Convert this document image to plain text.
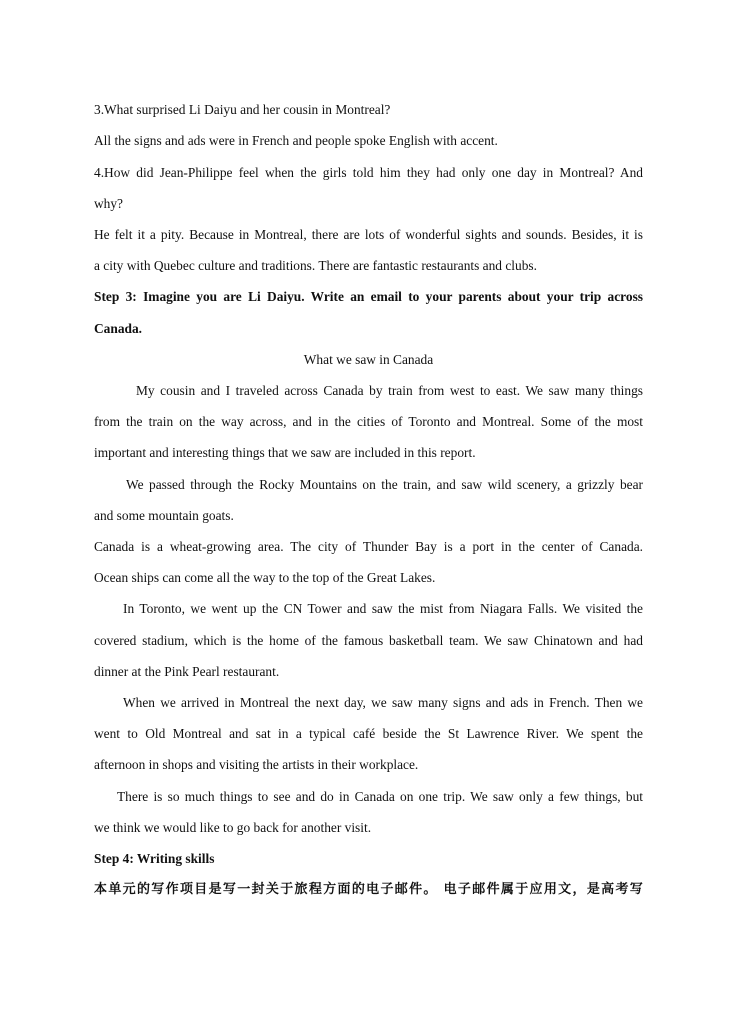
3.What surprised Li Daiyu and her cousin in Montreal?
All the signs and ads were in French and people spoke English with accent.
4.How did Jean-Philippe feel when the girls told him they had only one day in Montreal? And
why?
He felt it a pity. Because in Montreal, there are lots of wonderful sights and sounds. Besides, it is
a city with Quebec culture and traditions. There are fantastic restaurants and clubs.
Step 3: Imagine you are Li Daiyu. Write an email to your parents about your trip across
Canada.
What we saw in Canada
My cousin and I traveled across Canada by train from west to east. We saw many things
from the train on the way across, and in the cities of Toronto and Montreal. Some of the most
important and interesting things that we saw are included in this report.
We passed through the Rocky Mountains on the train, and saw wild scenery, a grizzly bear
and some mountain goats.
Canada is a wheat-growing area. The city of Thunder Bay is a port in the center of Canada.
Ocean ships can come all the way to the top of the Great Lakes.
In Toronto, we went up the CN Tower and saw the mist from Niagara Falls. We visited the
covered stadium, which is the home of the famous basketball team. We saw Chinatown and had
dinner at the Pink Pearl restaurant.
When we arrived in Montreal the next day, we saw many signs and ads in French. Then we
went to Old Montreal and sat in a typical café beside the St Lawrence River. We spent the
afternoon in shops and visiting the artists in their workplace.
There is so much things to see and do in Canada on one trip. We saw only a few things, but
we think we would like to go back for another visit.
Step 4: Writing skills
本单元的写作项目是写一封关于旅程方面的电子邮件。 电子邮件属于应用文，是高考写
